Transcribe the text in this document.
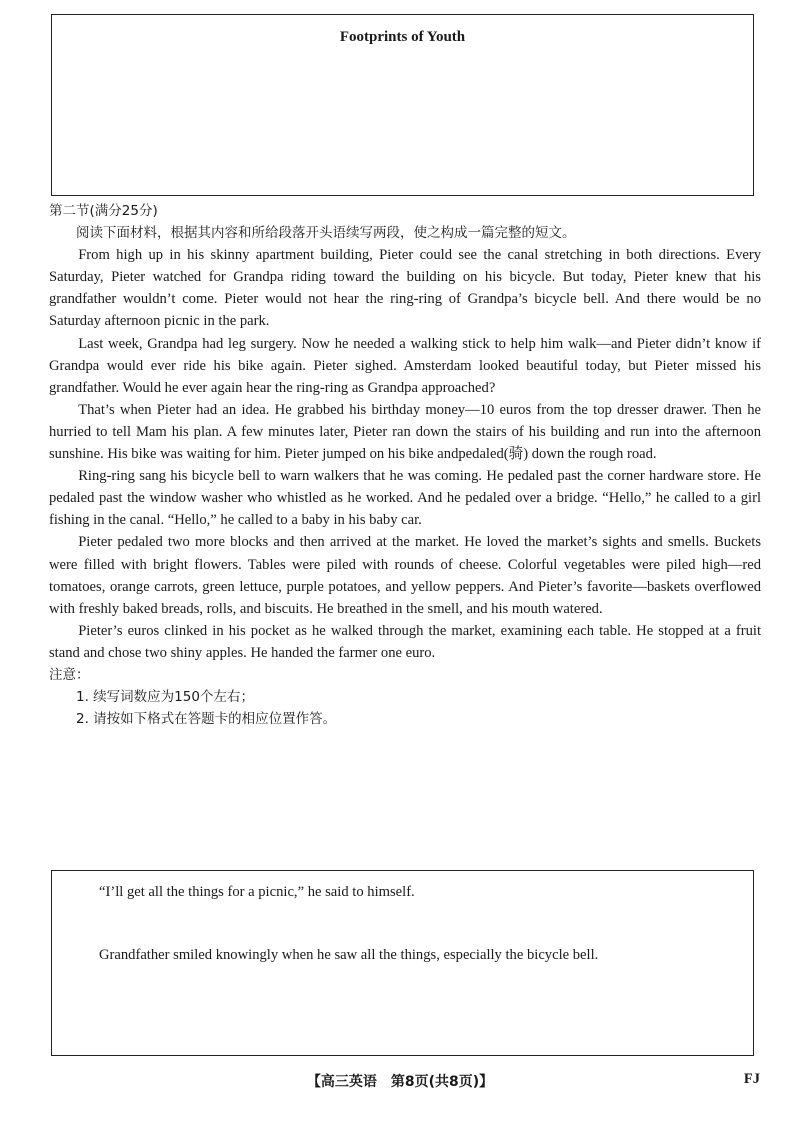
Footprints of Youth

第二节(满分25分)

阅读下面材料，根据其内容和所给段落开头语续写两段，使之构成一篇完整的短文。

From high up in his skinny apartment building, Pieter could see the canal stretching in both directions. Every Saturday, Pieter watched for Grandpa riding toward the building on his bicycle. But today, Pieter knew that his grandfather wouldn’t come. Pieter would not hear the ring-ring of Grandpa’s bicycle bell. And there would be no Saturday afternoon picnic in the park.

Last week, Grandpa had leg surgery. Now he needed a walking stick to help him walk—and Pieter didn’t know if Grandpa would ever ride his bike again. Pieter sighed. Amsterdam looked beautiful today, but Pieter missed his grandfather. Would he ever again hear the ring-ring as Grandpa approached?

That’s when Pieter had an idea. He grabbed his birthday money—10 euros from the top dresser drawer. Then he hurried to tell Mam his plan. A few minutes later, Pieter ran down the stairs of his building and run into the afternoon sunshine. His bike was waiting for him. Pieter jumped on his bike andpedaled(骑) down the rough road.

Ring-ring sang his bicycle bell to warn walkers that he was coming. He pedaled past the corner hardware store. He pedaled past the window washer who whistled as he worked. And he pedaled over a bridge. “Hello,” he called to a girl fishing in the canal. “Hello,” he called to a baby in his baby car.

Pieter pedaled two more blocks and then arrived at the market. He loved the market’s sights and smells. Buckets were filled with bright flowers. Tables were piled with rounds of cheese. Colorful vegetables were piled high—red tomatoes, orange carrots, green lettuce, purple potatoes, and yellow peppers. And Pieter’s favorite—baskets overflowed with freshly baked breads, rolls, and biscuits. He breathed in the smell, and his mouth watered.

Pieter’s euros clinked in his pocket as he walked through the market, examining each table. He stopped at a fruit stand and chose two shiny apples. He handed the farmer one euro.

注意：

1. 续写词数应为150个左右；

2. 请按如下格式在答题卡的相应位置作答。

“I’ll get all the things for a picnic,” he said to himself.
Grandfather smiled knowingly when he saw all the things, especially the bicycle bell.
【高三英语　第8页(共8页)】	FJ
